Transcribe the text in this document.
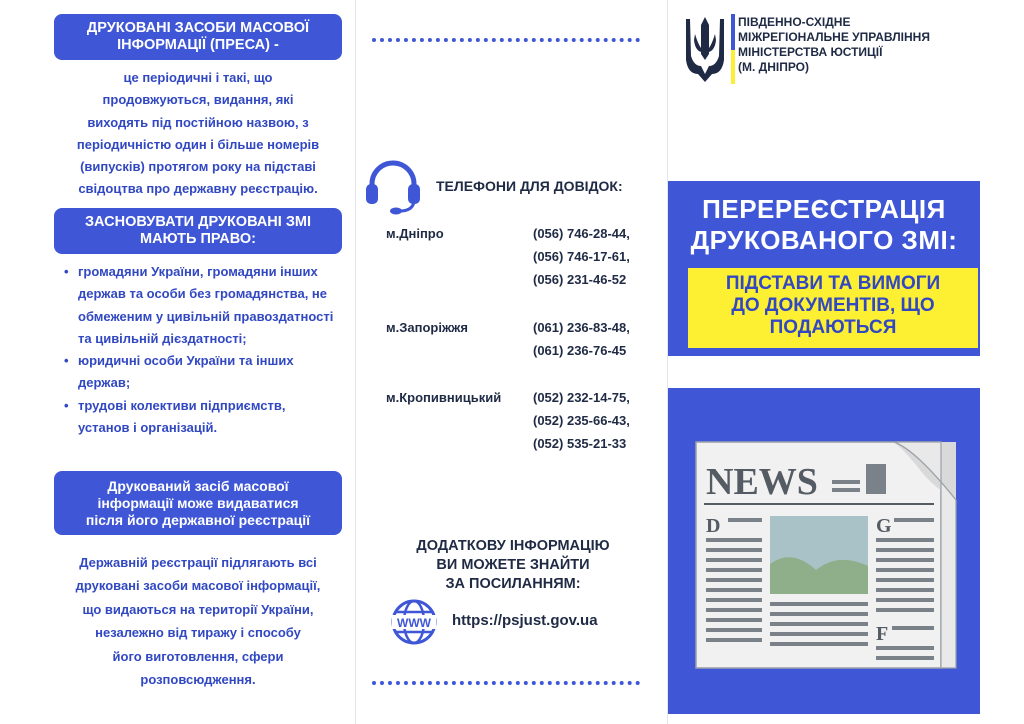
ДРУКОВАНІ ЗАСОБИ МАСОВОЇ
ІНФОРМАЦІЇ (ПРЕСА) -
це періодичні і такі, що
продовжуються, видання, які
виходять під постійною назвою, з
періодичністю один і більше номерів
(випусків) протягом року на підставі
свідоцтва про державну реєстрацію.
ЗАСНОВУВАТИ ДРУКОВАНІ ЗМІ
МАЮТЬ ПРАВО:
• громадяни України, громадяни інших держав та особи без громадянства, не обмеженим у цивільній правоздатності та цивільній дієздатності;
• юридичні особи України та інших держав;
• трудові колективи підприємств, установ і організацій.
Друкований засіб масової
інформації може видаватися
після його державної реєстрації
Державній реєстрації підлягають всі
друковані засоби масової інформації,
що видаються на території України,
незалежно від тиражу і способу
його виготовлення, сфери
розповсюдження.
ТЕЛЕФОНИ ДЛЯ ДОВІДОК:
м.Дніпро	(056) 746-28-44,
(056) 746-17-61,
(056) 231-46-52
м.Запоріжжя	(061) 236-83-48,
(061) 236-76-45
м.Кропивницький (052) 232-14-75,
(052) 235-66-43,
(052) 535-21-33
ДОДАТКОВУ ІНФОРМАЦІЮ
ВИ МОЖЕТЕ ЗНАЙТИ
ЗА ПОСИЛАННЯМ:
WWW https://psjust.gov.ua
ПІВДЕННО-СХІДНЕ
МІЖРЕГІОНАЛЬНЕ УПРАВЛІННЯ
МІНІСТЕРСТВА ЮСТИЦІЇ
(М. ДНІПРО)
ПЕРЕРЕЄСТРАЦІЯ
ДРУКОВАНОГО ЗМІ:
ПІДСТАВИ ТА ВИМОГИ
ДО ДОКУМЕНТІВ, ЩО
ПОДАЮТЬСЯ
NEWS
D	G
F
